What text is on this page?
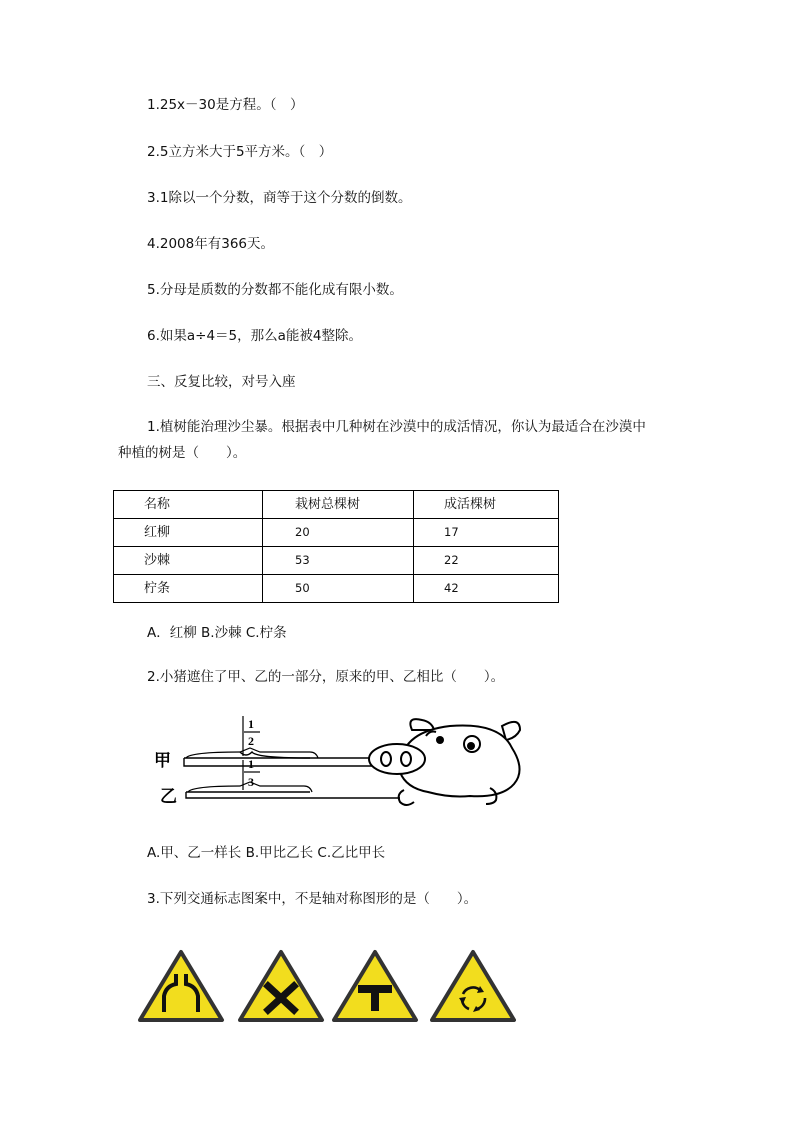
1.25x－30是方程。（　）
2.5立方米大于5平方米。（　）
3.1除以一个分数，商等于这个分数的倒数。
4.2008年有366天。
5.分母是质数的分数都不能化成有限小数。
6.如果a÷4＝5，那么a能被4整除。
三、反复比较，对号入座
1.植树能治理沙尘暴。根据表中几种树在沙漠中的成活情况，你认为最适合在沙漠中
种植的树是（　　）。
名称	栽树总棵树	成活棵树
红柳	20	17
沙棘	53	22
柠条	50	42
A．红柳 B.沙棘 C.柠条
2.小猪遮住了甲、乙的一部分，原来的甲、乙相比（　　）。
甲
乙
1
2
1
3
A.甲、乙一样长 B.甲比乙长 C.乙比甲长
3.下列交通标志图案中，不是轴对称图形的是（　　）。
